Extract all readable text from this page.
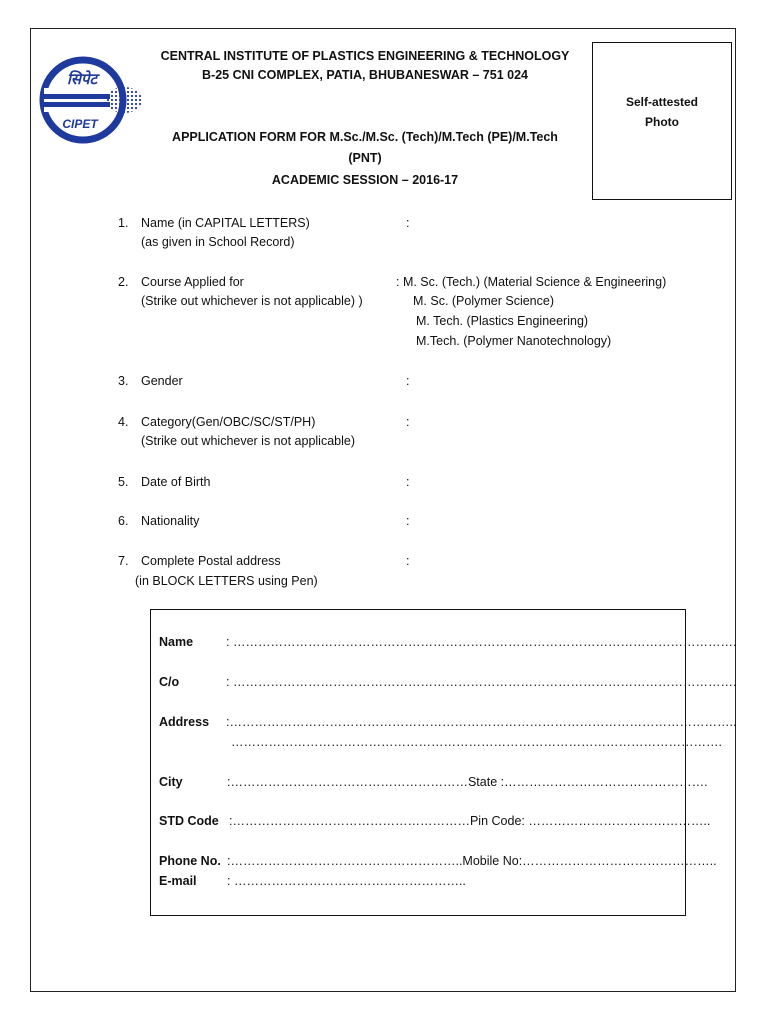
सिपेट
CIPET
CENTRAL INSTITUTE OF PLASTICS ENGINEERING & TECHNOLOGY
B-25 CNI COMPLEX, PATIA, BHUBANESWAR – 751 024
APPLICATION FORM FOR M.Sc./M.Sc. (Tech)/M.Tech (PE)/M.Tech
(PNT)
ACADEMIC SESSION – 2016-17
Self-attested
Photo
1. Name (in CAPITAL LETTERS)
(as given in School Record)
:
2. Course Applied for
(Strike out whichever is not applicable) )
: M. Sc. (Tech.) (Material Science & Engineering)
M. Sc. (Polymer Science)
M. Tech. (Plastics Engineering)
M.Tech. (Polymer Nanotechnology)
3. Gender	:
4. Category(Gen/OBC/SC/ST/PH)
(Strike out whichever is not applicable)
:
5. Date of Birth	:
6. Nationality	:
7. Complete Postal address
(in BLOCK LETTERS using Pen)
:
Name	: ………………………………………………………………………………………………………….
C/o	: ………………………………………………………………………………………………………….
Address :…………………………………………………………………………………………………………..
……………………………………………………………………………………………………….
City	:…………………………………………………State :………………………………………….
STD Code :…………………………………………………Pin Code: ……………………………………..
Phone No. :………………………………………………..Mobile No:………………………………………..
E-mail : ………………………………………………..
